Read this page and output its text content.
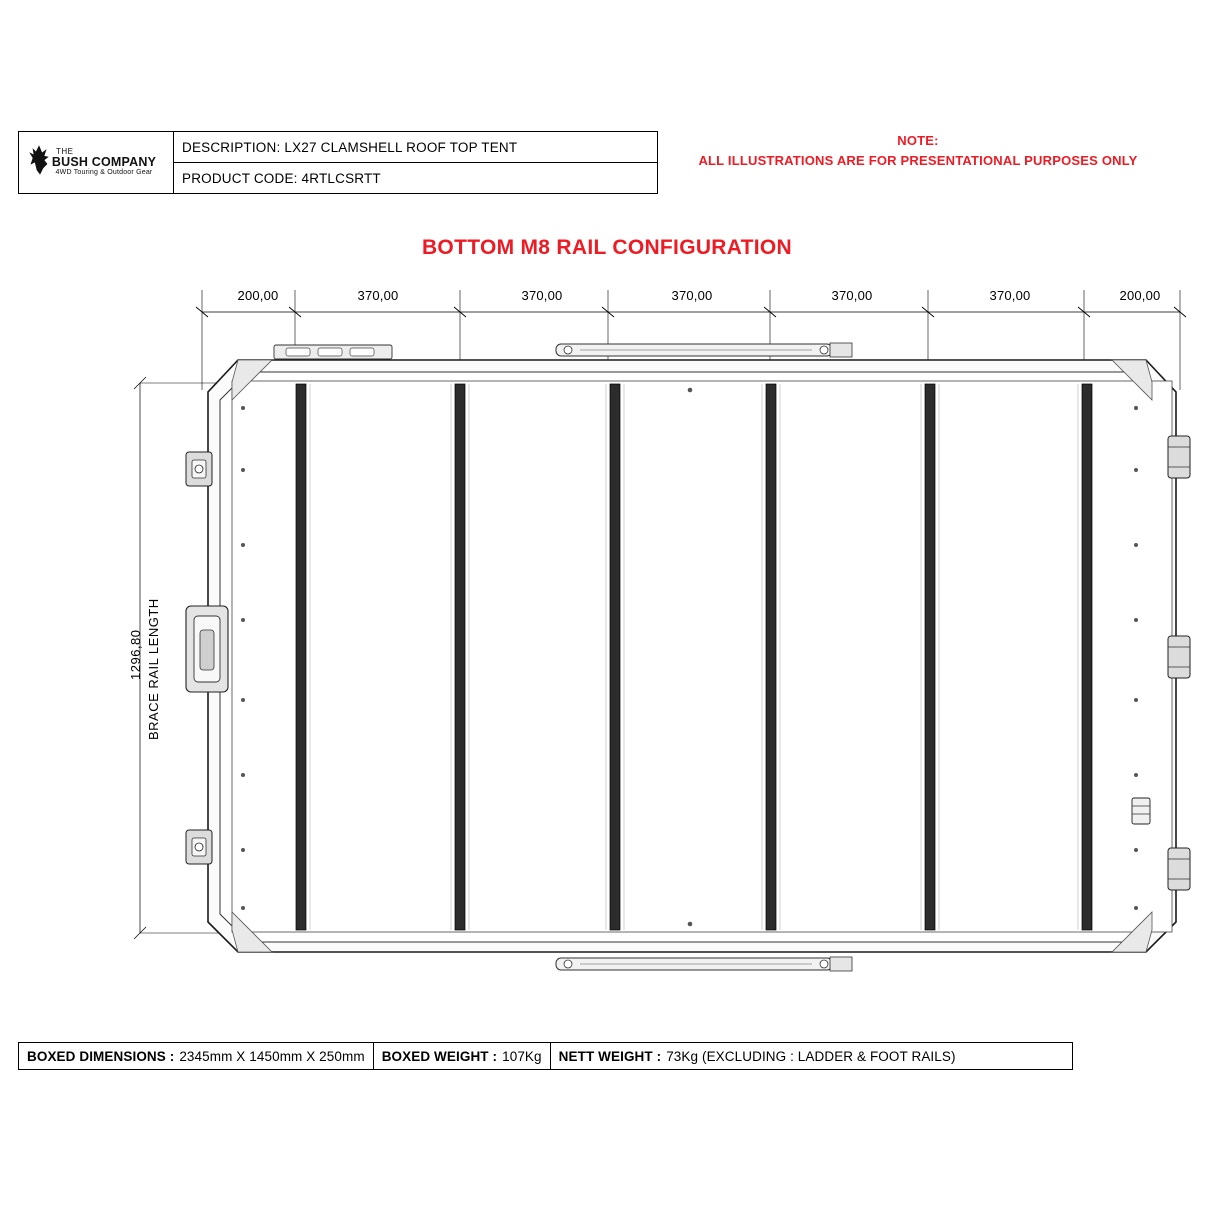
THE
BUSH COMPANY
4WD Touring & Outdoor Gear
DESCRIPTION: LX27 CLAMSHELL ROOF TOP TENT
PRODUCT CODE: 4RTLCSRTT
NOTE:
ALL ILLUSTRATIONS ARE FOR PRESENTATIONAL PURPOSES ONLY
BOTTOM M8 RAIL CONFIGURATION
200,00	370,00	370,00	370,00	370,00	370,00	200,00
1296,80 BRACE RAIL LENGTH
BOXED DIMENSIONS : 2345mm X 1450mm X 250mm BOXED WEIGHT : 107Kg NETT WEIGHT : 73Kg (EXCLUDING : LADDER & FOOT RAILS)
